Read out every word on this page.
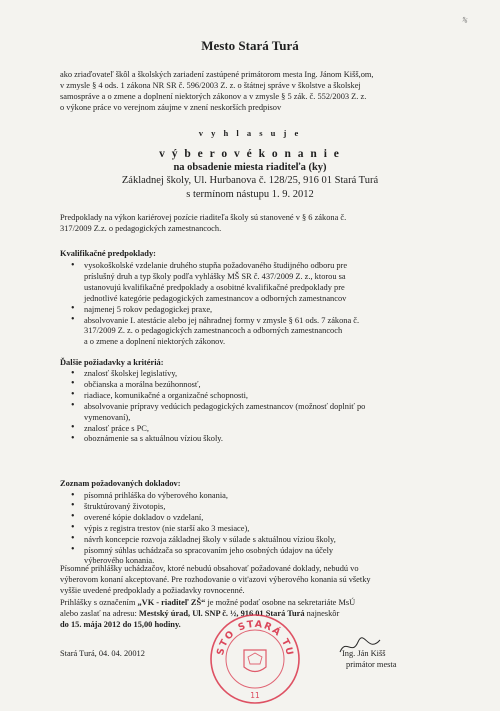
%
Mesto Stará Turá
ako zriaďovateľ škôl a školských zariadení zastúpené primátorom mesta Ing. Jánom Kišš,om,
v zmysle § 4 ods. 1 zákona NR SR č. 596/2003 Z. z. o štátnej správe v školstve a školskej
samospráve a o zmene a doplnení niektorých zákonov a v zmysle § 5 zák. č. 552/2003 Z. z.
o výkone práce vo verejnom záujme v znení neskorších predpisov
v y h l a s u j e
v ý b e r o v é k o n a n i e
na obsadenie miesta riaditeľa (ky)
Základnej školy, Ul. Hurbanova č. 128/25, 916 01 Stará Turá
s termínom nástupu 1. 9. 2012
Predpoklady na výkon kariérovej pozície riaditeľa školy sú stanovené v § 6 zákona č.
317/2009 Z.z. o pedagogických zamestnancoch.
Kvalifikačné predpoklady:
• vysokoškolské vzdelanie druhého stupňa požadovaného študijného odboru pre
príslušný druh a typ školy podľa vyhlášky MŠ SR č. 437/2009 Z. z., ktorou sa
ustanovujú kvalifikačné predpoklady a osobitné kvalifikačné predpoklady pre
jednotlivé kategórie pedagogických zamestnancov a odborných zamestnancov
• najmenej 5 rokov pedagogickej praxe,
• absolvovanie I. atestácie alebo jej náhradnej formy v zmysle § 61 ods. 7 zákona č.
317/2009 Z. z. o pedagogických zamestnancoch a odborných zamestnancoch
a o zmene a doplnení niektorých zákonov.
Ďalšie požiadavky a kritériá:
• znalosť školskej legislatívy,
• občianska a morálna bezúhonnosť,
• riadiace, komunikačné a organizačné schopnosti,
• absolvovanie prípravy vedúcich pedagogických zamestnancov (možnosť doplniť po
vymenovaní),
• znalosť práce s PC,
• oboznámenie sa s aktuálnou víziou školy.
Zoznam požadovaných dokladov:
• písomná prihláška do výberového konania,
• štruktúrovaný životopis,
• overené kópie dokladov o vzdelaní,
• výpis z registra trestov (nie starší ako 3 mesiace),
• návrh koncepcie rozvoja základnej školy v súlade s aktuálnou víziou školy,
• písomný súhlas uchádzača so spracovaním jeho osobných údajov na účely
výberového konania.
Písomné prihlášky uchádzačov, ktoré nebudú obsahovať požadované doklady, nebudú vo
výberovom konaní akceptované. Pre rozhodovanie o vit'azovi výberového konania sú všetky
vyššie uvedené predpoklady a požiadavky rovnocenné.
Prihlášky s označením „VK - riaditeľ ZŠ“ je možné podať osobne na sekretariáte MsÚ
alebo zaslať na adresu: Mestský úrad, Ul. SNP č. ½, 916 01 Stará Turá najneskôr
do 15. mája 2012 do 15,00 hodiny.
Stará Turá, 04. 04. 20012	STO STARÁ TU
11
Ing. Ján Kišš
primátor mesta
